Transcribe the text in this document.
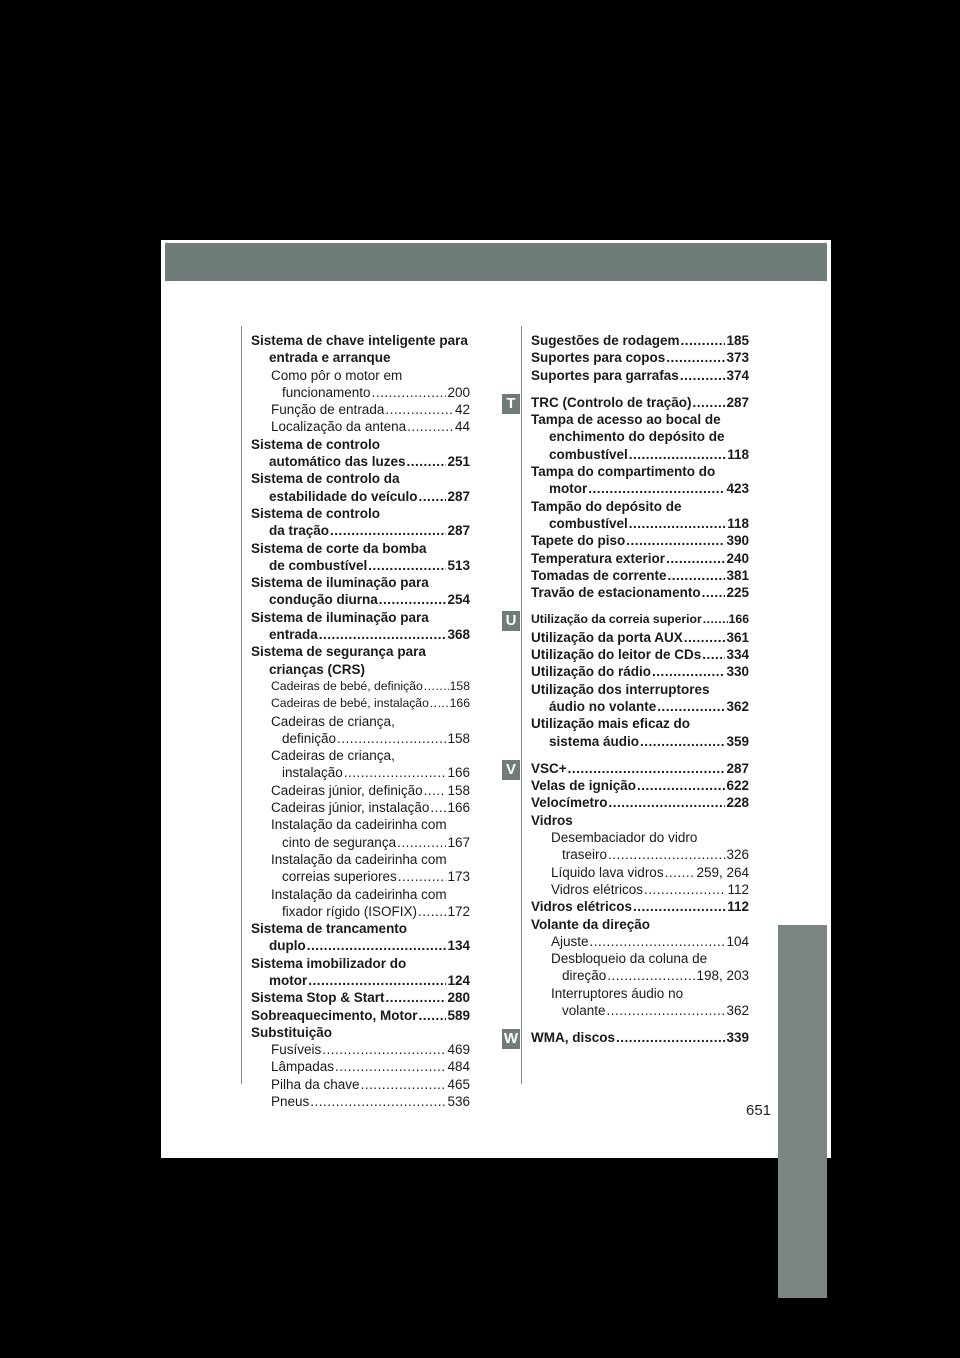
651
Sistema de chave inteligente para
entrada e arranque
Como pôr o motor em
funcionamento .....	200
Função de entrada .....	42
Localização da antena .....	44
Sistema de controlo
automático das luzes .....	251
Sistema de controlo da
estabilidade do veículo ..... 287
Sistema de controlo
da tração .....	287
Sistema de corte da bomba
de combustível .....	513
Sistema de iluminação para
condução diurna .....	254
Sistema de iluminação para
entrada .....	368
Sistema de segurança para
crianças (CRS)
Cadeiras de bebé, definição ..... 158
Cadeiras de bebé, instalação ..... 166
Cadeiras de criança,
definição .....	158
Cadeiras de criança,
instalação .....	166
Cadeiras júnior, definição ..... 158
Cadeiras júnior, instalação ..... 166
Instalação da cadeirinha com
cinto de segurança .....	167
Instalação da cadeirinha com
correias superiores .....	173
Instalação da cadeirinha com
fixador rígido (ISOFIX) ..... 172
Sistema de trancamento
duplo .....	134
Sistema imobilizador do
motor .....	124
Sistema Stop & Start .....	280
Sobreaquecimento, Motor ..... 589
Substituição
Fusíveis .....	469
Lâmpadas .....	484
Pilha da chave .....	465
Pneus .....	536
Sugestões de rodagem .....	185
Suportes para copos .....	373
Suportes para garrafas .....	374
TRC (Controlo de tração) .....	287
Tampa de acesso ao bocal de
enchimento do depósito de
combustível .....	118
Tampa do compartimento do
motor .....	423
Tampão do depósito de
combustível .....	118
Tapete do piso .....	390
Temperatura exterior .....	240
Tomadas de corrente .....	381
Travão de estacionamento ..... 225
Utilização da correia superior ..... 166
Utilização da porta AUX .....	361
Utilização do leitor de CDs ..... 334
Utilização do rádio .....	330
Utilização dos interruptores
áudio no volante .....	362
Utilização mais eficaz do
sistema áudio .....	359
VSC+ .....	287
Velas de ignição .....	622
Velocímetro .....	228
Vidros
Desembaciador do vidro
traseiro .....	326
Líquido lava vidros ..... 259, 264
Vidros elétricos .....	112
Vidros elétricos .....	112
Volante da direção
Ajuste .....	104
Desbloqueio da coluna de
direção .....	198, 203
Interruptores áudio no
volante .....	362
WMA, discos .....	339
T
U
V
W
